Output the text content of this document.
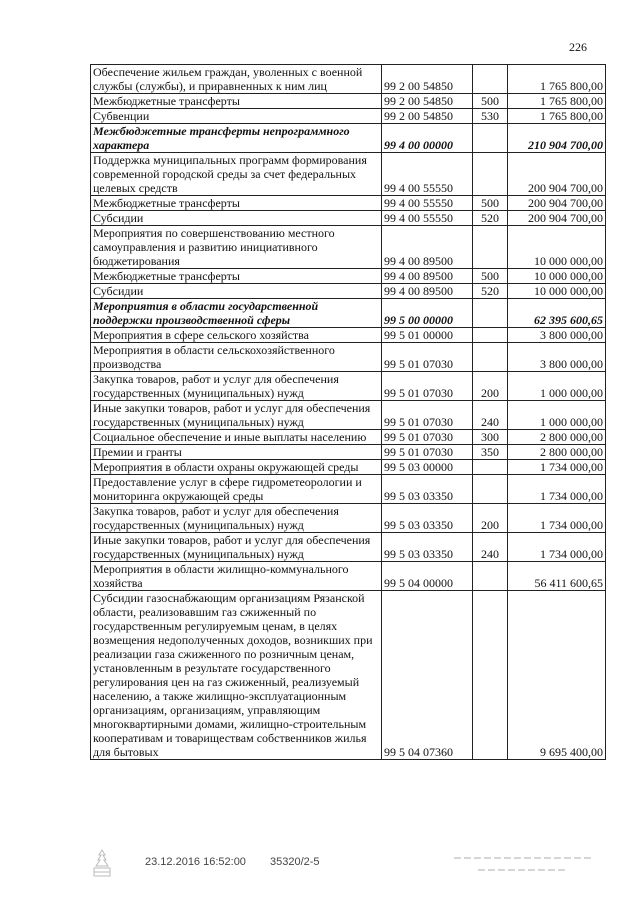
226
Обеспечение жильем граждан, уволенных с военной службы (службы), и приравненных к ним лиц	99 2 00 54850		1 765 800,00
Межбюджетные трансферты	99 2 00 54850	500	1 765 800,00
Субвенции	99 2 00 54850	530	1 765 800,00
Межбюджетные трансферты непрограммного характера	99 4 00 00000		210 904 700,00
Поддержка муниципальных программ формирования современной городской среды за счет федеральных целевых средств	99 4 00 55550		200 904 700,00
Межбюджетные трансферты	99 4 00 55550	500	200 904 700,00
Субсидии	99 4 00 55550	520	200 904 700,00
Мероприятия по совершенствованию местного самоуправления и развитию инициативного бюджетирования	99 4 00 89500		10 000 000,00
Межбюджетные трансферты	99 4 00 89500	500	10 000 000,00
Субсидии	99 4 00 89500	520	10 000 000,00
Мероприятия в области государственной поддержки производственной сферы	99 5 00 00000		62 395 600,65
Мероприятия в сфере сельского хозяйства	99 5 01 00000		3 800 000,00
Мероприятия в области сельскохозяйственного производства	99 5 01 07030		3 800 000,00
Закупка товаров, работ и услуг для обеспечения государственных (муниципальных) нужд	99 5 01 07030	200	1 000 000,00
Иные закупки товаров, работ и услуг для обеспечения государственных (муниципальных) нужд	99 5 01 07030	240	1 000 000,00
Социальное обеспечение и иные выплаты населению	99 5 01 07030	300	2 800 000,00
Премии и гранты	99 5 01 07030	350	2 800 000,00
Мероприятия в области охраны окружающей среды	99 5 03 00000		1 734 000,00
Предоставление услуг в сфере гидрометеорологии и мониторинга окружающей среды	99 5 03 03350		1 734 000,00
Закупка товаров, работ и услуг для обеспечения государственных (муниципальных) нужд	99 5 03 03350	200	1 734 000,00
Иные закупки товаров, работ и услуг для обеспечения государственных (муниципальных) нужд	99 5 03 03350	240	1 734 000,00
Мероприятия в области жилищно-коммунального хозяйства	99 5 04 00000		56 411 600,65
Субсидии газоснабжающим организациям Рязанской области, реализовавшим газ сжиженный по государственным регулируемым ценам, в целях возмещения недополученных доходов, возникших при реализации газа сжиженного по розничным ценам, установленным в результате государственного регулирования цен на газ сжиженный, реализуемый населению, а также жилищно-эксплуатационным организациям, организациям, управляющим многоквартирными домами, жилищно-строительным кооперативам и товариществам собственников жилья для бытовых	99 5 04 07360		9 695 400,00
23.12.2016 16:52:00 35320/2-5
